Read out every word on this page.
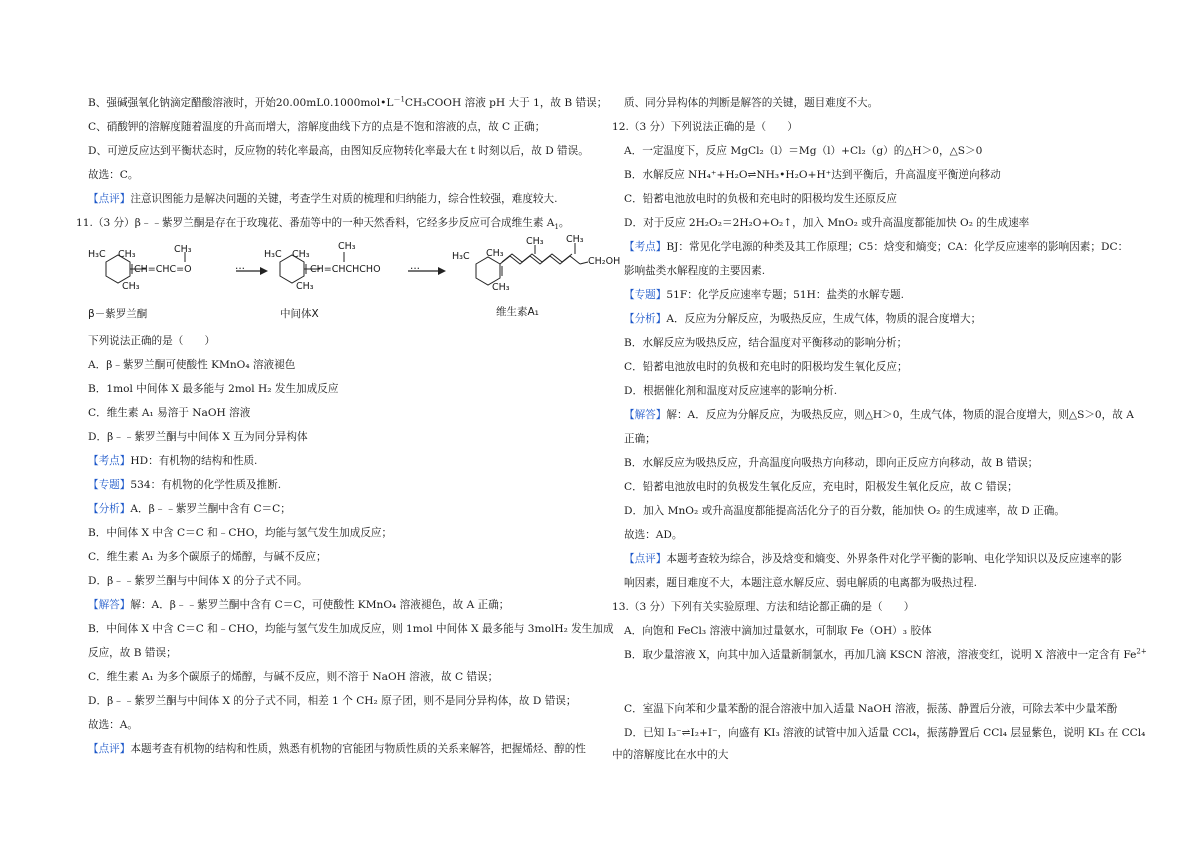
B、强碱强氧化钠滴定醋酸溶液时，开始$20.00mL0.1000mol•L^{-1}CH_3COOH$ 溶液 pH 大于 1，故 B 错误；
C、硝酸钾的溶解度随着温度的升高而增大，溶解度曲线下方的点是不饱和溶液的点，故 C 正确；
D、可逆反应达到平衡状态时，反应物的转化率最高，由图知反应物转化率最大在 t 时刻以后，故 D 错误。
故选：C。
【点评】注意识图能力是解决问题的关键，考查学生对质的梳理和归纳能力，综合性较强，难度较大.
11.（3 分）β﹣﹣紫罗兰酮是存在于玫瑰花、番茄等中的一种天然香料，它经多步反应可合成维生素 $A_1$。
H₃C CH₃	CH₃
CH=CHC=O
CH₃
···
H₃C CH₃
CH₃
CH=CHCHCHO
CH₃
···
H₃C CH₃
CH₃ CH₃
CH₂OH
CH₃
β－紫罗兰酮	中间体X	维生素A₁
下列说法正确的是（　　）
A．β﹣紫罗兰酮可使酸性 KMnO₄ 溶液褪色
B．1mol 中间体 X 最多能与 2mol H₂ 发生加成反应
C．维生素 A₁ 易溶于 NaOH 溶液
D．β﹣﹣紫罗兰酮与中间体 X 互为同分异构体
【考点】HD：有机物的结构和性质.
【专题】534：有机物的化学性质及推断.
【分析】A．β﹣﹣紫罗兰酮中含有 C＝C；
B．中间体 X 中含 C＝C 和﹣CHO，均能与氢气发生加成反应；
C．维生素 A₁ 为多个碳原子的烯醇，与碱不反应；
D．β﹣﹣紫罗兰酮与中间体 X 的分子式不同。
【解答】解：A．β﹣﹣紫罗兰酮中含有 C＝C，可使酸性 KMnO₄ 溶液褪色，故 A 正确；
B．中间体 X 中含 C＝C 和﹣CHO，均能与氢气发生加成反应，则 1mol 中间体 X 最多能与 3molH₂ 发生加成
反应，故 B 错误；
C．维生素 A₁ 为多个碳原子的烯醇，与碱不反应，则不溶于 NaOH 溶液，故 C 错误；
D．β﹣﹣紫罗兰酮与中间体 X 的分子式不同，相差 1 个 CH₂ 原子团，则不是同分异构体，故 D 错误；
故选：A。
【点评】本题考查有机物的结构和性质，熟悉有机物的官能团与物质性质的关系来解答，把握烯烃、醇的性
质、同分异构体的判断是解答的关键，题目难度不大。
12.（3 分）下列说法正确的是（　　）
A．一定温度下，反应 MgCl₂（l）＝Mg（l）+Cl₂（g）的△H＞0，△S＞0
B．水解反应 NH₄⁺+H₂O⇌NH₃•H₂O+H⁺达到平衡后，升高温度平衡逆向移动
C．铅蓄电池放电时的负极和充电时的阳极均发生还原反应
D．对于反应 2H₂O₂＝2H₂O+O₂↑，加入 MnO₂ 或升高温度都能加快 O₂ 的生成速率
【考点】BJ：常见化学电源的种类及其工作原理；C5：焓变和熵变；CA：化学反应速率的影响因素；DC：
影响盐类水解程度的主要因素.
【专题】51F：化学反应速率专题；51H：盐类的水解专题.
【分析】A．反应为分解反应，为吸热反应，生成气体，物质的混合度增大；
B．水解反应为吸热反应，结合温度对平衡移动的影响分析；
C．铅蓄电池放电时的负极和充电时的阳极均发生氧化反应；
D．根据催化剂和温度对反应速率的影响分析.
【解答】解：A．反应为分解反应，为吸热反应，则△H＞0，生成气体，物质的混合度增大，则△S＞0，故 A
正确；
B．水解反应为吸热反应，升高温度向吸热方向移动，即向正反应方向移动，故 B 错误；
C．铅蓄电池放电时的负极发生氧化反应，充电时，阳极发生氧化反应，故 C 错误；
D．加入 MnO₂ 或升高温度都能提高活化分子的百分数，能加快 O₂ 的生成速率，故 D 正确。
故选：AD。
【点评】本题考查较为综合，涉及焓变和熵变、外界条件对化学平衡的影响、电化学知识以及反应速率的影
响因素，题目难度不大，本题注意水解反应、弱电解质的电离都为吸热过程.
13.（3 分）下列有关实验原理、方法和结论都正确的是（　　）
A．向饱和 FeCl₃ 溶液中滴加过量氨水，可制取 Fe（OH）₃ 胶体
B．取少量溶液 X，向其中加入适量新制氯水，再加几滴 KSCN 溶液，溶液变红，说明 X 溶液中一定含有 $Fe^{2+}$
C．室温下向苯和少量苯酚的混合溶液中加入适量 NaOH 溶液，振荡、静置后分液，可除去苯中少量苯酚
D．已知 I₃⁻⇌I₂+I⁻，向盛有 KI₃ 溶液的试管中加入适量 CCl₄，振荡静置后 CCl₄ 层显紫色，说明 KI₃ 在 CCl₄
中的溶解度比在水中的大
